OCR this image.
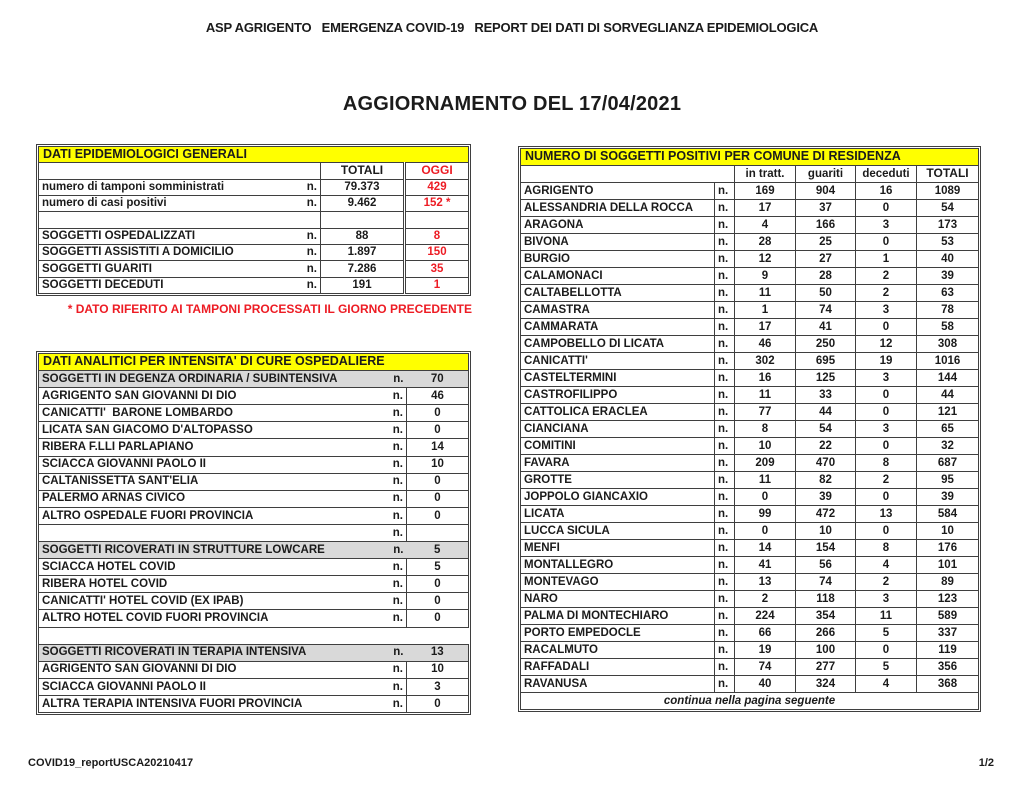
ASP AGRIGENTO   EMERGENZA COVID-19   REPORT DEI DATI DI SORVEGLIANZA EPIDEMIOLOGICA
AGGIORNAMENTO DEL 17/04/2021
DATI EPIDEMIOLOGICI GENERALI			
		TOTALI	OGGI
numero di tamponi somministrati	n.	79.373	429
numero di casi positivi	n.	9.462	152 *

SOGGETTI OSPEDALIZZATI	n.	88	8
SOGGETTI ASSISTITI A DOMICILIO	n.	1.897	150
SOGGETTI GUARITI	n.	7.286	35
SOGGETTI DECEDUTI	n.	191	1
* DATO RIFERITO AI TAMPONI PROCESSATI IL GIORNO PRECEDENTE
DATI ANALITICI PER INTENSITA' DI CURE OSPEDALIERE		
SOGGETTI IN DEGENZA ORDINARIA / SUBINTENSIVA	n.	70
AGRIGENTO SAN GIOVANNI DI DIO	n.	46
CANICATTI'  BARONE LOMBARDO	n.	0
LICATA SAN GIACOMO D'ALTOPASSO	n.	0
RIBERA F.LLI PARLAPIANO	n.	14
SCIACCA GIOVANNI PAOLO II	n.	10
CALTANISSETTA SANT'ELIA	n.	0
PALERMO ARNAS CIVICO	n.	0
ALTRO OSPEDALE FUORI PROVINCIA	n.	0
	n.	
SOGGETTI RICOVERATI IN STRUTTURE LOWCARE	n.	5
SCIACCA HOTEL COVID	n.	5
RIBERA HOTEL COVID	n.	0
CANICATTI' HOTEL COVID (EX IPAB)	n.	0
ALTRO HOTEL COVID FUORI PROVINCIA	n.	0

SOGGETTI RICOVERATI IN TERAPIA INTENSIVA	n.	13
AGRIGENTO SAN GIOVANNI DI DIO	n.	10
SCIACCA GIOVANNI PAOLO II	n.	3
ALTRA TERAPIA INTENSIVA FUORI PROVINCIA	n.	0
NUMERO DI SOGGETTI POSITIVI PER COMUNE DI RESIDENZA					
		in tratt.	guariti	deceduti	TOTALI
AGRIGENTO	n.	169	904	16	1089
ALESSANDRIA DELLA ROCCA	n.	17	37	0	54
ARAGONA	n.	4	166	3	173
BIVONA	n.	28	25	0	53
BURGIO	n.	12	27	1	40
CALAMONACI	n.	9	28	2	39
CALTABELLOTTA	n.	11	50	2	63
CAMASTRA	n.	1	74	3	78
CAMMARATA	n.	17	41	0	58
CAMPOBELLO DI LICATA	n.	46	250	12	308
CANICATTI'	n.	302	695	19	1016
CASTELTERMINI	n.	16	125	3	144
CASTROFILIPPO	n.	11	33	0	44
CATTOLICA ERACLEA	n.	77	44	0	121
CIANCIANA	n.	8	54	3	65
COMITINI	n.	10	22	0	32
FAVARA	n.	209	470	8	687
GROTTE	n.	11	82	2	95
JOPPOLO GIANCAXIO	n.	0	39	0	39
LICATA	n.	99	472	13	584
LUCCA SICULA	n.	0	10	0	10
MENFI	n.	14	154	8	176
MONTALLEGRO	n.	41	56	4	101
MONTEVAGO	n.	13	74	2	89
NARO	n.	2	118	3	123
PALMA DI MONTECHIARO	n.	224	354	11	589
PORTO EMPEDOCLE	n.	66	266	5	337
RACALMUTO	n.	19	100	0	119
RAFFADALI	n.	74	277	5	356
RAVANUSA	n.	40	324	4	368
continua nella pagina seguente					
COVID19_reportUSCA20210417	1/2
